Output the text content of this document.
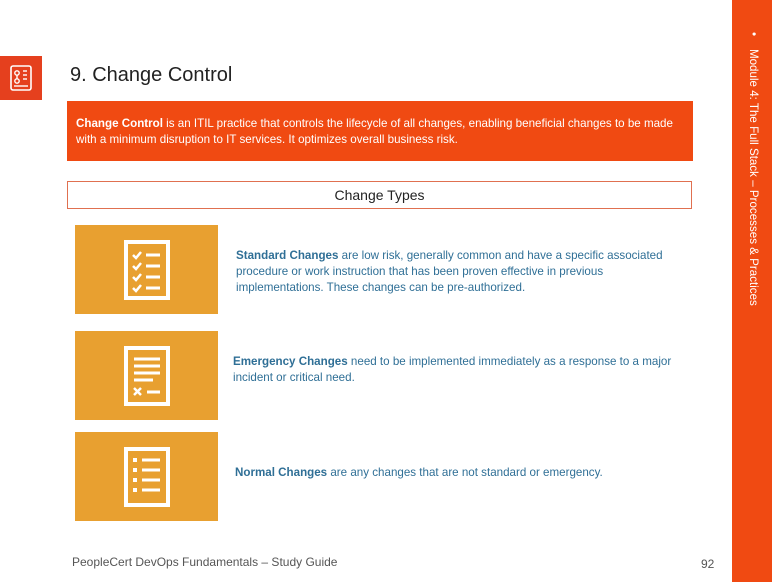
9. Change Control
Change Control is an ITIL practice that controls the lifecycle of all changes, enabling beneficial changes to be made with a minimum disruption to IT services. It optimizes overall business risk.
Change Types
Standard Changes are low risk, generally common and have a specific associated procedure or work instruction that has been proven effective in previous implementations. These changes can be pre-authorized.
Emergency Changes need to be implemented immediately as a response to a major incident or critical need.
Normal Changes are any changes that are not standard or emergency.
•    Module 4: The Full Stack – Processes & Practices
PeopleCert DevOps Fundamentals – Study Guide	92
